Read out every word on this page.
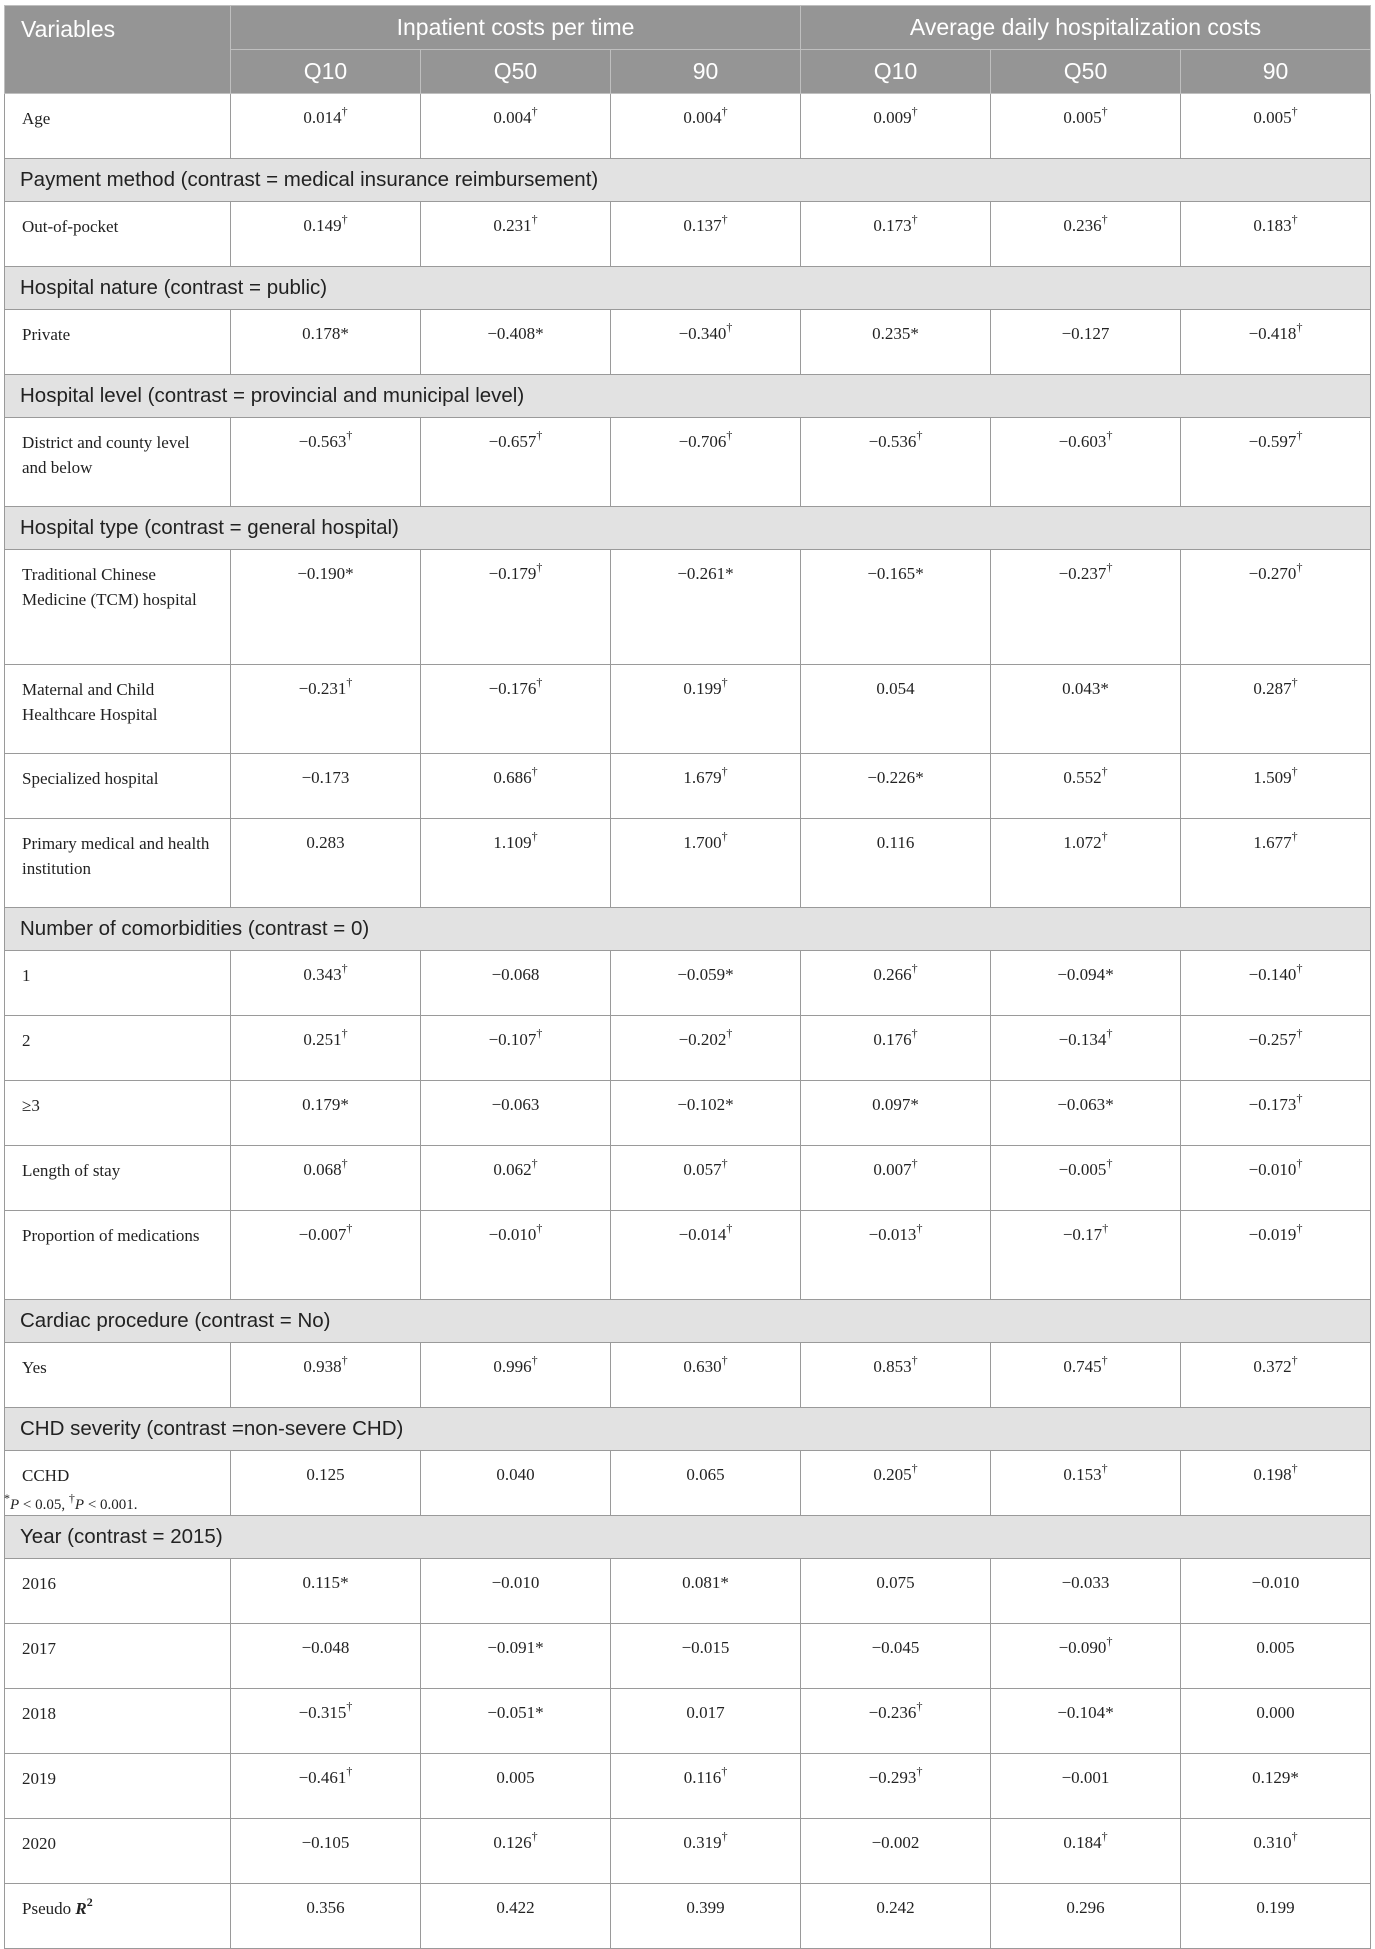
Variables	Inpatient costs per time			Average daily hospitalization costs		
	Q10	Q50	90	Q10	Q50	90
Age	0.014†	0.004†	0.004†	0.009†	0.005†	0.005†
Payment method (contrast = medical insurance reimbursement)						
Out-of-pocket	0.149†	0.231†	0.137†	0.173†	0.236†	0.183†
Hospital nature (contrast = public)						
Private	0.178*	−0.408*	−0.340†	0.235*	−0.127	−0.418†
Hospital level (contrast = provincial and municipal level)						
District and county level and below	−0.563†	−0.657†	−0.706†	−0.536†	−0.603†	−0.597†
Hospital type (contrast = general hospital)						
Traditional Chinese Medicine (TCM) hospital	−0.190*	−0.179†	−0.261*	−0.165*	−0.237†	−0.270†
Maternal and Child Healthcare Hospital	−0.231†	−0.176†	0.199†	0.054	0.043*	0.287†
Specialized hospital	−0.173	0.686†	1.679†	−0.226*	0.552†	1.509†
Primary medical and health institution	0.283	1.109†	1.700†	0.116	1.072†	1.677†
Number of comorbidities (contrast = 0)						
1	0.343†	−0.068	−0.059*	0.266†	−0.094*	−0.140†
2	0.251†	−0.107†	−0.202†	0.176†	−0.134†	−0.257†
≥3	0.179*	−0.063	−0.102*	0.097*	−0.063*	−0.173†
Length of stay	0.068†	0.062†	0.057†	0.007†	−0.005†	−0.010†
Proportion of medications	−0.007†	−0.010†	−0.014†	−0.013†	−0.17†	−0.019†
Cardiac procedure (contrast = No)						
Yes	0.938†	0.996†	0.630†	0.853†	0.745†	0.372†
CHD severity (contrast =non-severe CHD)						
CCHD	0.125	0.040	0.065	0.205†	0.153†	0.198†
Year (contrast = 2015)						
2016	0.115*	−0.010	0.081*	0.075	−0.033	−0.010
2017	−0.048	−0.091*	−0.015	−0.045	−0.090†	0.005
2018	−0.315†	−0.051*	0.017	−0.236†	−0.104*	0.000
2019	−0.461†	0.005	0.116†	−0.293†	−0.001	0.129*
2020	−0.105	0.126†	0.319†	−0.002	0.184†	0.310†
Pseudo $R^2$	0.356	0.422	0.399	0.242	0.296	0.199
*P < 0.05, †P < 0.001.
